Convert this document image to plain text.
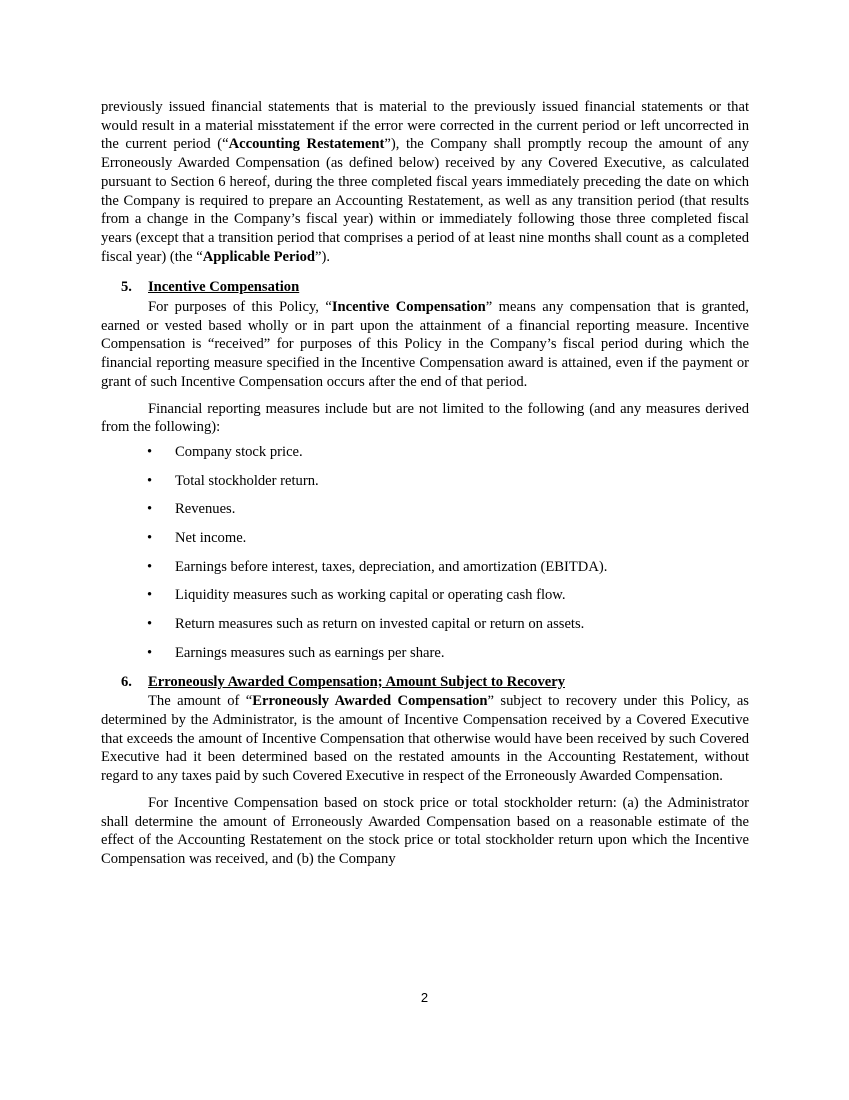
previously issued financial statements that is material to the previously issued financial statements or that would result in a material misstatement if the error were corrected in the current period or left uncorrected in the current period (“Accounting Restatement”), the Company shall promptly recoup the amount of any Erroneously Awarded Compensation (as defined below) received by any Covered Executive, as calculated pursuant to Section 6 hereof, during the three completed fiscal years immediately preceding the date on which the Company is required to prepare an Accounting Restatement, as well as any transition period (that results from a change in the Company’s fiscal year) within or immediately following those three completed fiscal years (except that a transition period that comprises a period of at least nine months shall count as a completed fiscal year) (the “Applicable Period”).

5. Incentive Compensation

For purposes of this Policy, “Incentive Compensation” means any compensation that is granted, earned or vested based wholly or in part upon the attainment of a financial reporting measure. Incentive Compensation is “received” for purposes of this Policy in the Company’s fiscal period during which the financial reporting measure specified in the Incentive Compensation award is attained, even if the payment or grant of such Incentive Compensation occurs after the end of that period.

Financial reporting measures include but are not limited to the following (and any measures derived from the following):

• Company stock price.
• Total stockholder return.
• Revenues.
• Net income.
• Earnings before interest, taxes, depreciation, and amortization (EBITDA).
• Liquidity measures such as working capital or operating cash flow.
• Return measures such as return on invested capital or return on assets.
• Earnings measures such as earnings per share.
6. Erroneously Awarded Compensation; Amount Subject to Recovery

The amount of “Erroneously Awarded Compensation” subject to recovery under this Policy, as determined by the Administrator, is the amount of Incentive Compensation received by a Covered Executive that exceeds the amount of Incentive Compensation that otherwise would have been received by such Covered Executive had it been determined based on the restated amounts in the Accounting Restatement, without regard to any taxes paid by such Covered Executive in respect of the Erroneously Awarded Compensation.

For Incentive Compensation based on stock price or total stockholder return: (a) the Administrator shall determine the amount of Erroneously Awarded Compensation based on a reasonable estimate of the effect of the Accounting Restatement on the stock price or total stockholder return upon which the Incentive Compensation was received, and (b) the Company

2
